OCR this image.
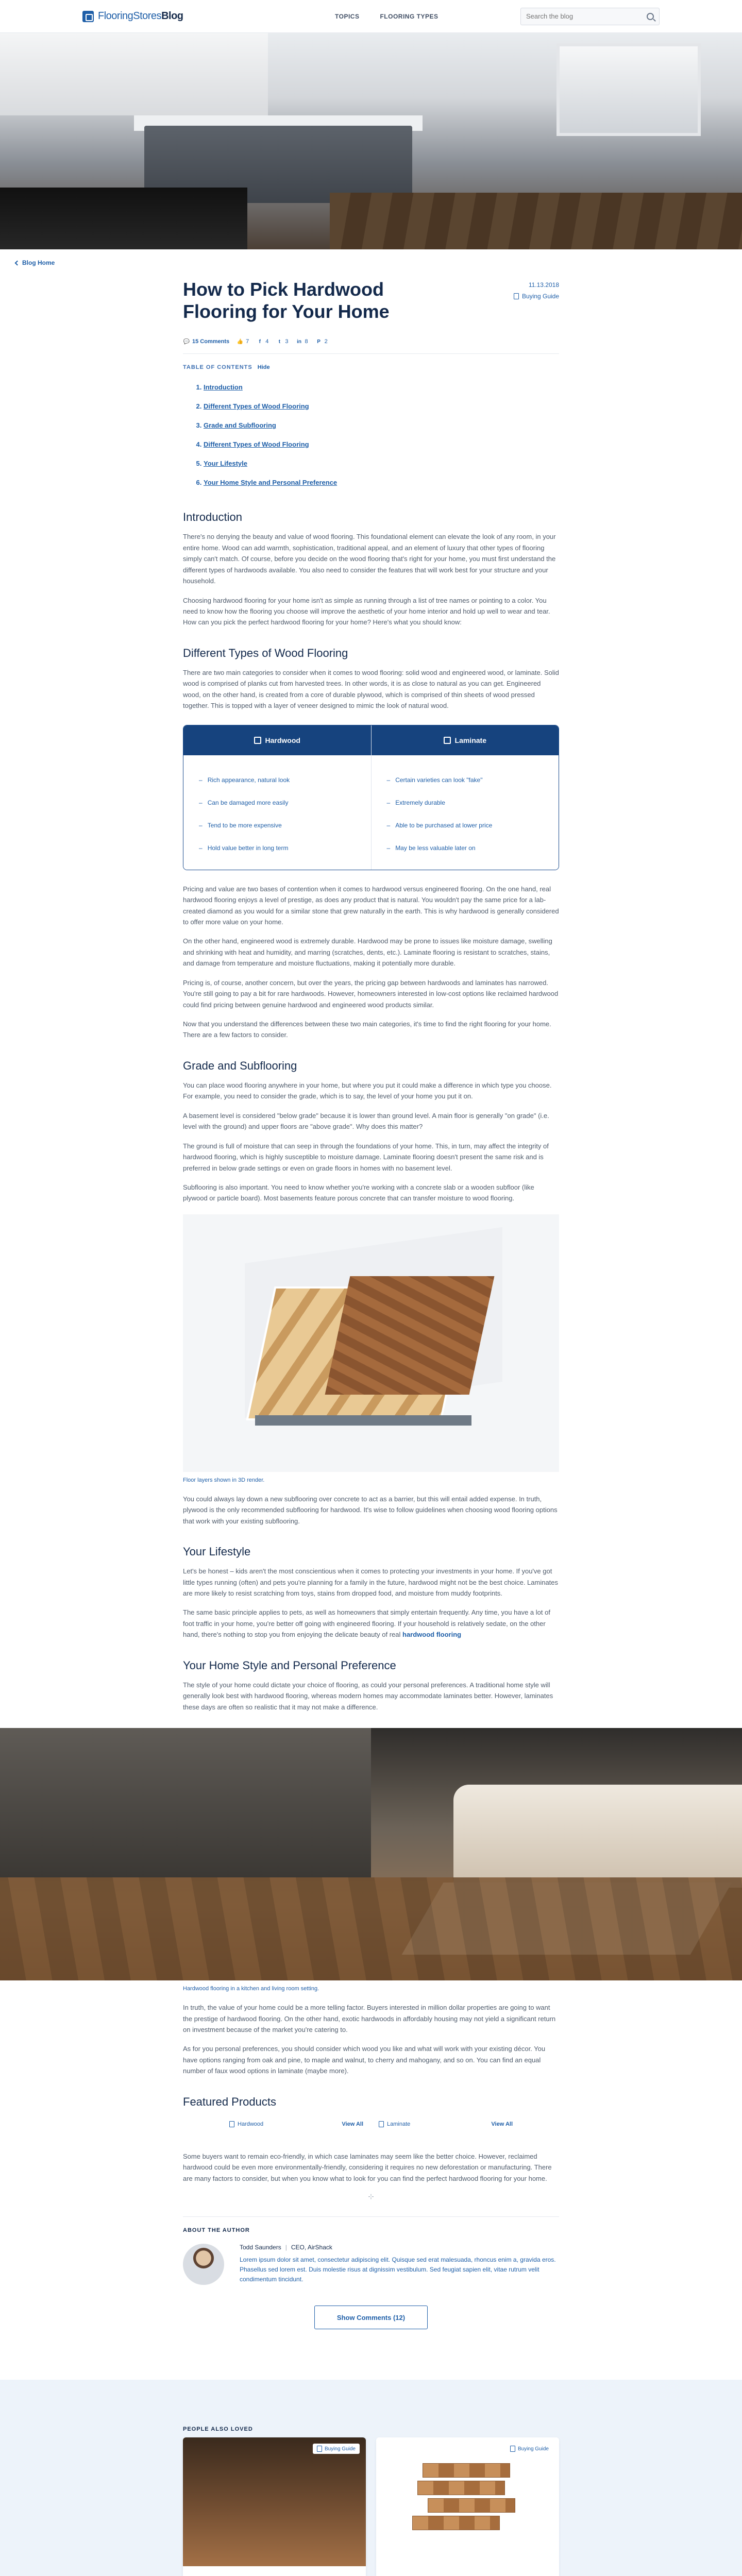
FlooringStoresBlog	TOPICS	FLOORING TYPES
Search the blog
Blog Home
How to Pick Hardwood Flooring for Your Home
11.13.2018
Buying Guide
💬 15 Comments 👍 7	f 4	t 3 in 8	P 2
TABLE OF CONTENTS Hide
1. Introduction
2. Different Types of Wood Flooring
3. Grade and Subflooring
4. Different Types of Wood Flooring
5. Your Lifestyle
6. Your Home Style and Personal Preference
Introduction

There's no denying the beauty and value of wood flooring. This foundational element can elevate the look of any room, in your entire home. Wood can add warmth, sophistication, traditional appeal, and an element of luxury that other types of flooring simply can't match. Of course, before you decide on the wood flooring that's right for your home, you must first understand the different types of hardwoods available. You also need to consider the features that will work best for your structure and your household.

Choosing hardwood flooring for your home isn't as simple as running through a list of tree names or pointing to a color. You need to know how the flooring you choose will improve the aesthetic of your home interior and hold up well to wear and tear. How can you pick the perfect hardwood flooring for your home? Here's what you should know:

Different Types of Wood Flooring

There are two main categories to consider when it comes to wood flooring: solid wood and engineered wood, or laminate. Solid wood is comprised of planks cut from harvested trees. In other words, it is as close to natural as you can get. Engineered wood, on the other hand, is created from a core of durable plywood, which is comprised of thin sheets of wood pressed together. This is topped with a layer of veneer designed to mimic the look of natural wood.

Hardwood
– Rich appearance, natural look
– Can be damaged more easily
– Tend to be more expensive
– Hold value better in long term
Laminate
– Certain varieties can look "fake"
– Extremely durable
– Able to be purchased at lower price
– May be less valuable later on

Pricing and value are two bases of contention when it comes to hardwood versus engineered flooring. On the one hand, real hardwood flooring enjoys a level of prestige, as does any product that is natural. You wouldn't pay the same price for a lab-created diamond as you would for a similar stone that grew naturally in the earth. This is why hardwood is generally considered to offer more value on your home.

On the other hand, engineered wood is extremely durable. Hardwood may be prone to issues like moisture damage, swelling and shrinking with heat and humidity, and marring (scratches, dents, etc.). Laminate flooring is resistant to scratches, stains, and damage from temperature and moisture fluctuations, making it potentially more durable.

Pricing is, of course, another concern, but over the years, the pricing gap between hardwoods and laminates has narrowed. You're still going to pay a bit for rare hardwoods. However, homeowners interested in low-cost options like reclaimed hardwood could find pricing between genuine hardwood and engineered wood products similar.

Now that you understand the differences between these two main categories, it's time to find the right flooring for your home. There are a few factors to consider.

Grade and Subflooring

You can place wood flooring anywhere in your home, but where you put it could make a difference in which type you choose. For example, you need to consider the grade, which is to say, the level of your home you put it on.

A basement level is considered "below grade" because it is lower than ground level. A main floor is generally "on grade" (i.e. level with the ground) and upper floors are "above grade". Why does this matter?

The ground is full of moisture that can seep in through the foundations of your home. This, in turn, may affect the integrity of hardwood flooring, which is highly susceptible to moisture damage. Laminate flooring doesn't present the same risk and is preferred in below grade settings or even on grade floors in homes with no basement level.

Subflooring is also important. You need to know whether you're working with a concrete slab or a wooden subfloor (like plywood or particle board). Most basements feature porous concrete that can transfer moisture to wood flooring.

Floor layers shown in 3D render.

You could always lay down a new subflooring over concrete to act as a barrier, but this will entail added expense. In truth, plywood is the only recommended subflooring for hardwood. It's wise to follow guidelines when choosing wood flooring options that work with your existing subflooring.

Your Lifestyle

Let's be honest – kids aren't the most conscientious when it comes to protecting your investments in your home. If you've got little types running (often) and pets you're planning for a family in the future, hardwood might not be the best choice. Laminates are more likely to resist scratching from toys, stains from dropped food, and moisture from muddy footprints.

The same basic principle applies to pets, as well as homeowners that simply entertain frequently. Any time, you have a lot of foot traffic in your home, you're better off going with engineered flooring. If your household is relatively sedate, on the other hand, there's nothing to stop you from enjoying the delicate beauty of real hardwood flooring

Your Home Style and Personal Preference

The style of your home could dictate your choice of flooring, as could your personal preferences. A traditional home style will generally look best with hardwood flooring, whereas modern homes may accommodate laminates better. However, laminates these days are often so realistic that it may not make a difference.

Hardwood flooring in a kitchen and living room setting.

In truth, the value of your home could be a more telling factor. Buyers interested in million dollar properties are going to want the prestige of hardwood flooring. On the other hand, exotic hardwoods in affordably housing may not yield a significant return on investment because of the market you're catering to.

As for you personal preferences, you should consider which wood you like and what will work with your existing décor. You have options ranging from oak and pine, to maple and walnut, to cherry and mahogany, and so on. You can find an equal number of faux wood options in laminate (maybe more).

Featured Products
Hardwood	View All	Laminate	View All

Some buyers want to remain eco-friendly, in which case laminates may seem like the better choice. However, reclaimed hardwood could be even more environmentally-friendly, considering it requires no new deforestation or manufacturing. There are many factors to consider, but when you know what to look for you can find the perfect hardwood flooring for your home.

⊹
ABOUT THE AUTHOR
Todd Saunders | CEO, AirShack
Lorem ipsum dolor sit amet, consectetur adipiscing elit. Quisque sed erat malesuada, rhoncus enim a, gravida eros. Phasellus sed lorem est. Duis molestie risus at dignissim vestibulum. Sed feugiat sapien elit, vitae rutrum velit condimentum tincidunt.
Show Comments (12)
PEOPLE ALSO LOVED
Buying Guide	Buying Guide
